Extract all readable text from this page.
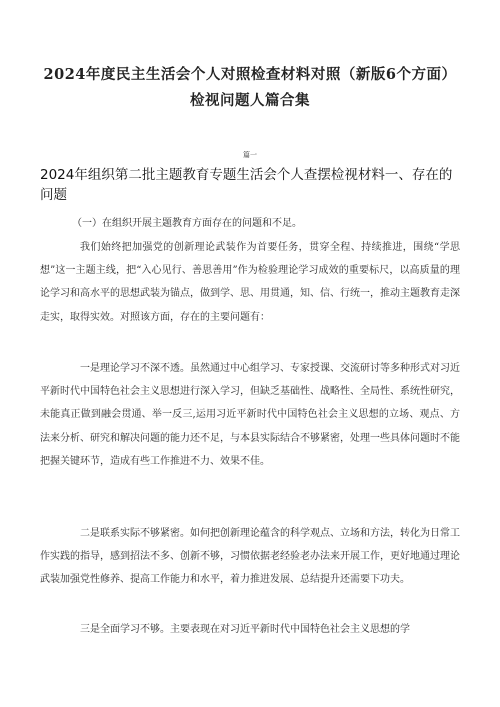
2024年度民主生活会个人对照检查材料对照（新版6个方面）检视问题人篇合集
篇一
2024年组织第二批主题教育专题生活会个人查摆检视材料一、存在的问题
（一）在组织开展主题教育方面存在的问题和不足。

我们始终把加强党的创新理论武装作为首要任务，贯穿全程、持续推进，围绕“学思想”这一主题主线，把“入心见行、善思善用”作为检验理论学习成效的重要标尺，以高质量的理论学习和高水平的思想武装为锚点，做到学、思、用贯通，知、信、行统一，推动主题教育走深走实，取得实效。对照该方面，存在的主要问题有：

一是理论学习不深不透。虽然通过中心组学习、专家授课、交流研讨等多种形式对习近平新时代中国特色社会主义思想进行深入学习，但缺乏基础性、战略性、全局性、系统性研究，未能真正做到融会贯通、举一反三,运用习近平新时代中国特色社会主义思想的立场、观点、方法来分析、研究和解决问题的能力还不足，与本县实际结合不够紧密，处理一些具体问题时不能把握关键环节，造成有些工作推进不力、效果不佳。

二是联系实际不够紧密。如何把创新理论蕴含的科学观点、立场和方法，转化为日常工作实践的指导，感到招法不多、创新不够，习惯依据老经验老办法来开展工作，更好地通过理论武装加强党性修养、提高工作能力和水平，着力推进发展、总结提升还需要下功夫。

三是全面学习不够。主要表现在对习近平新时代中国特色社会主义思想的学
